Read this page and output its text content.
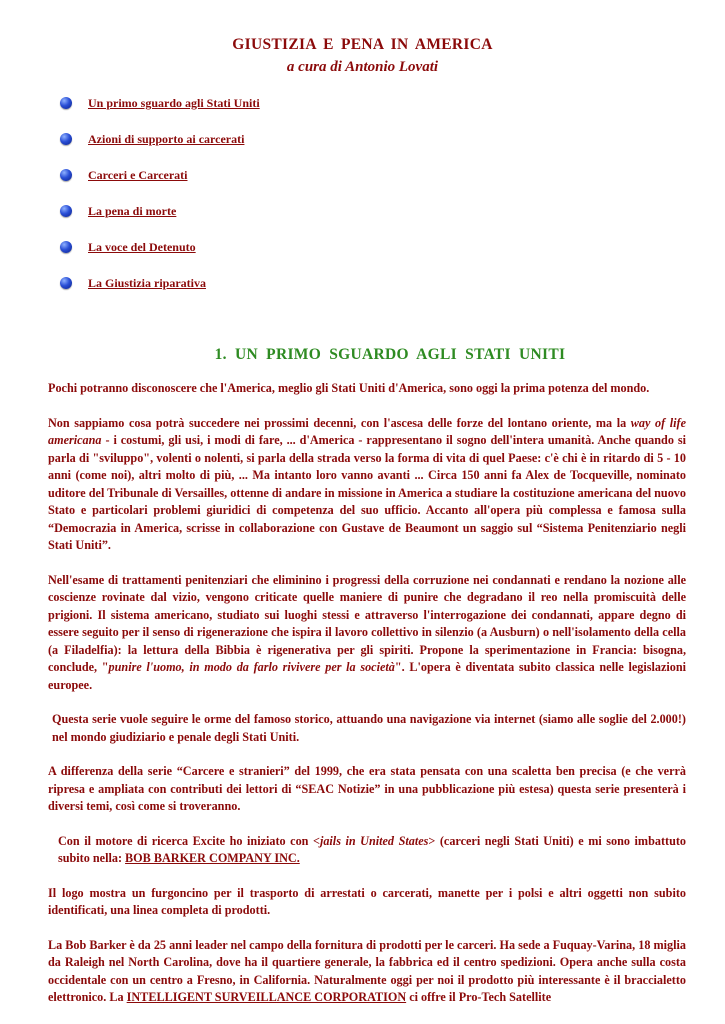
GIUSTIZIA E PENA IN AMERICA
a cura di Antonio Lovati
Un primo sguardo agli Stati Uniti
Azioni di supporto ai carcerati
Carceri e Carcerati
La pena di morte
La voce del Detenuto
La Giustizia riparativa
1. UN PRIMO SGUARDO AGLI STATI UNITI

Pochi potranno disconoscere che l'America, meglio gli Stati Uniti d'America, sono oggi la prima potenza del mondo.

Non sappiamo cosa potrà succedere nei prossimi decenni, con l'ascesa delle forze del lontano oriente, ma la way of life americana - i costumi, gli usi, i modi di fare, ... d'America - rappresentano il sogno dell'intera umanità. Anche quando si parla di "sviluppo", volenti o nolenti, si parla della strada verso la forma di vita di quel Paese: c'è chi è in ritardo di 5 - 10 anni (come noi), altri molto di più, ... Ma intanto loro vanno avanti ... Circa 150 anni fa Alex de Tocqueville, nominato uditore del Tribunale di Versailles, ottenne di andare in missione in America a studiare la costituzione americana del nuovo Stato e particolari problemi giuridici di competenza del suo ufficio. Accanto all'opera più complessa e famosa sulla “Democrazia in America, scrisse in collaborazione con Gustave de Beaumont un saggio sul “Sistema Penitenziario negli Stati Uniti”.

Nell'esame di trattamenti penitenziari che eliminino i progressi della corruzione nei condannati e rendano la nozione alle coscienze rovinate dal vizio, vengono criticate quelle maniere di punire che degradano il reo nella promiscuità delle prigioni. Il sistema americano, studiato sui luoghi stessi e attraverso l'interrogazione dei condannati, appare degno di essere seguito per il senso di rigenerazione che ispira il lavoro collettivo in silenzio (a Ausburn) o nell'isolamento della cella (a Filadelfia): la lettura della Bibbia è rigenerativa per gli spiriti. Propone la sperimentazione in Francia: bisogna, conclude, "punire l'uomo, in modo da farlo rivivere per la società". L'opera è diventata subito classica nelle legislazioni europee.

Questa serie vuole seguire le orme del famoso storico, attuando una navigazione via internet (siamo alle soglie del 2.000!) nel mondo giudiziario e penale degli Stati Uniti.

A differenza della serie “Carcere e stranieri” del 1999, che era stata pensata con una scaletta ben precisa (e che verrà ripresa e ampliata con contributi dei lettori di “SEAC Notizie” in una pubblicazione più estesa) questa serie presenterà i diversi temi, così come si troveranno.

Con il motore di ricerca Excite ho iniziato con <jails in United States> (carceri negli Stati Uniti) e mi sono imbattuto subito nella: BOB BARKER COMPANY INC.

Il logo mostra un furgoncino per il trasporto di arrestati o carcerati, manette per i polsi e altri oggetti non subito identificati, una linea completa di prodotti.

La Bob Barker è da 25 anni leader nel campo della fornitura di prodotti per le carceri. Ha sede a Fuquay-Varina, 18 miglia da Raleigh nel North Carolina, dove ha il quartiere generale, la fabbrica ed il centro spedizioni. Opera anche sulla costa occidentale con un centro a Fresno, in California. Naturalmente oggi per noi il prodotto più interessante è il braccialetto elettronico. La INTELLIGENT SURVEILLANCE CORPORATION ci offre il Pro-Tech Satellite
